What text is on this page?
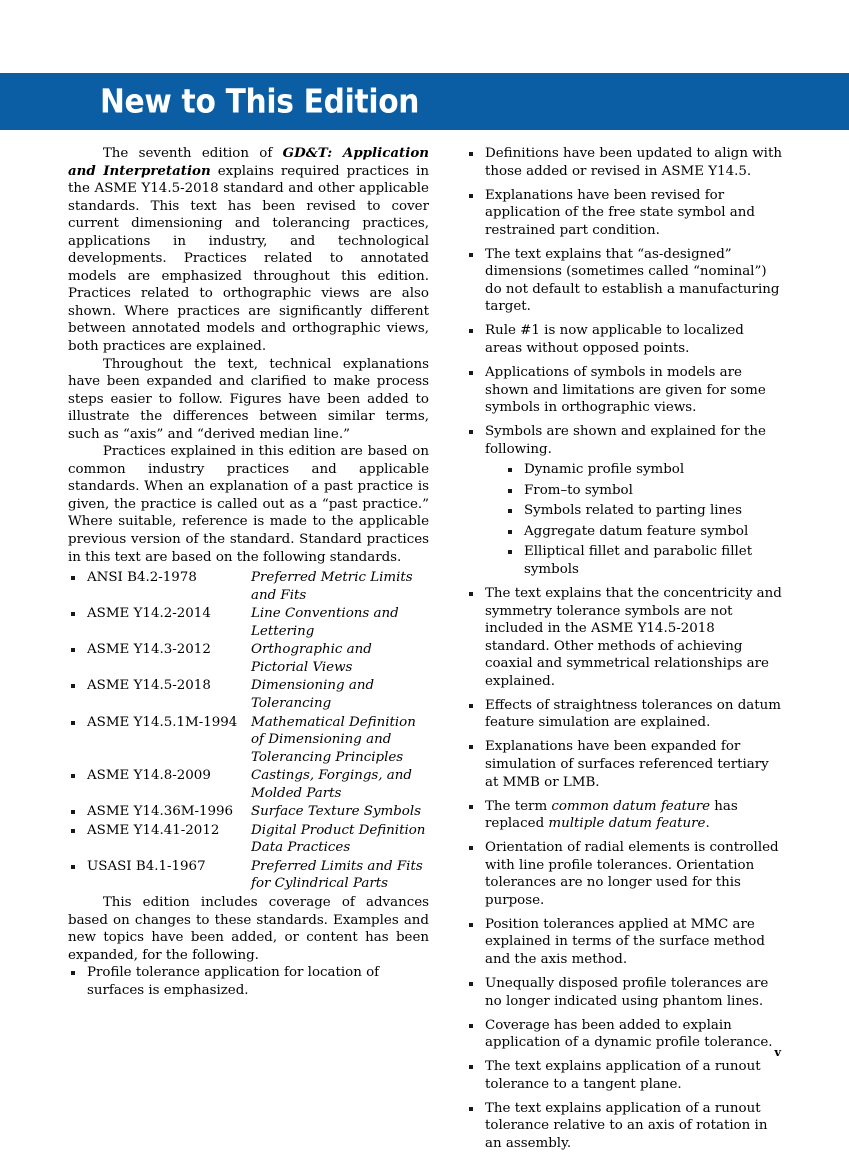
New to This Edition

The seventh edition of GD&T: Application and Interpretation explains required practices in the ASME Y14.5-2018 standard and other applicable standards. This text has been revised to cover current dimensioning and tolerancing practices, applications in industry, and technological developments. Practices related to annotated models are emphasized throughout this edition. Practices related to orthographic views are also shown. Where practices are significantly different between annotated models and orthographic views, both practices are explained.

Throughout the text, technical explanations have been expanded and clarified to make process steps easier to follow. Figures have been added to illustrate the differences between similar terms, such as “axis” and “derived median line.”

Practices explained in this edition are based on common industry practices and applicable standards. When an explanation of a past practice is given, the practice is called out as a “past practice.” Where suitable, reference is made to the applicable previous version of the standard. Standard practices in this text are based on the following standards.

ANSI B4.2-1978	Preferred Metric Limits and Fits
ASME Y14.2-2014	Line Conventions and Lettering
ASME Y14.3-2012	Orthographic and Pictorial Views
ASME Y14.5-2018	Dimensioning and Tolerancing
ASME Y14.5.1M-1994	Mathematical Definition of Dimensioning and Tolerancing Principles
ASME Y14.8-2009	Castings, Forgings, and Molded Parts
ASME Y14.36M-1996	Surface Texture Symbols
ASME Y14.41-2012	Digital Product Definition Data Practices
USASI B4.1-1967	Preferred Limits and Fits for Cylindrical Parts

This edition includes coverage of advances based on changes to these standards. Examples and new topics have been added, or content has been expanded, for the following.

Profile tolerance application for location of surfaces is emphasized.
Definitions have been updated to align with those added or revised in ASME Y14.5.
Explanations have been revised for application of the free state symbol and restrained part condition.
The text explains that “as-designed” dimensions (sometimes called “nominal”) do not default to establish a manufacturing target.
Rule #1 is now applicable to localized areas without opposed points.
Applications of symbols in models are shown and limitations are given for some symbols in orthographic views.
Symbols are shown and explained for the following.
Dynamic profile symbol
From–to symbol
Symbols related to parting lines
Aggregate datum feature symbol
Elliptical fillet and parabolic fillet symbols
The text explains that the concentricity and symmetry tolerance symbols are not included in the ASME Y14.5-2018 standard. Other methods of achieving coaxial and symmetrical relationships are explained.
Effects of straightness tolerances on datum feature simulation are explained.
Explanations have been expanded for simulation of surfaces referenced tertiary at MMB or LMB.
The term common datum feature has replaced multiple datum feature.
Orientation of radial elements is controlled with line profile tolerances. Orientation tolerances are no longer used for this purpose.
Position tolerances applied at MMC are explained in terms of the surface method and the axis method.
Unequally disposed profile tolerances are no longer indicated using phantom lines.
Coverage has been added to explain application of a dynamic profile tolerance.
The text explains application of a runout tolerance to a tangent plane.
The text explains application of a runout tolerance relative to an axis of rotation in an assembly.
v
